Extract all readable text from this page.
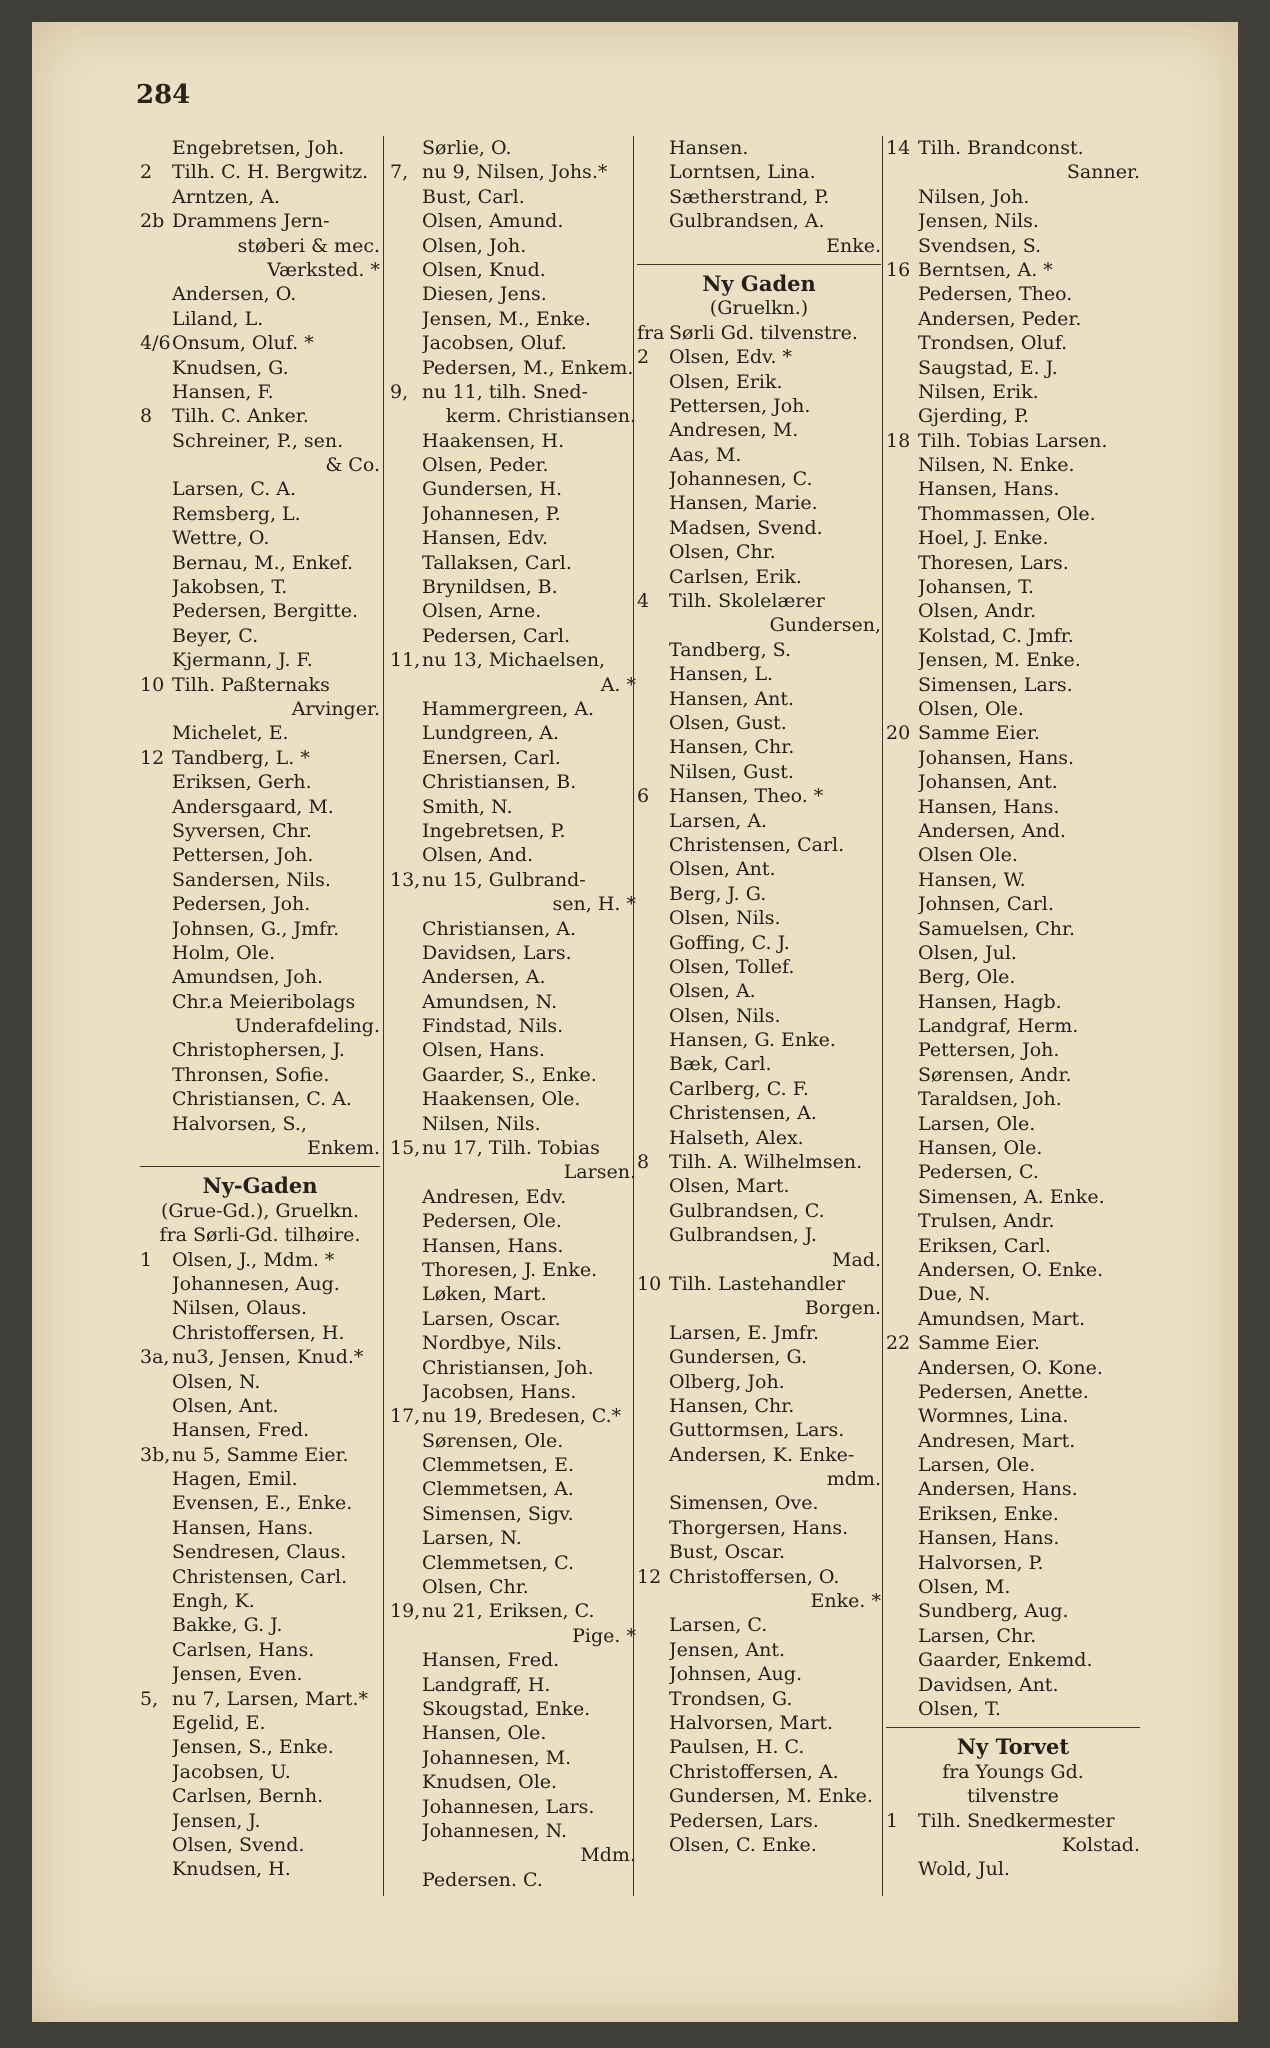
284
Engebretsen, Joh.
2	Tilh. C. H. Bergwitz.
Arntzen, A.
2b Drammens Jern-
støberi & mec.
Værksted. *
Andersen, O.
Liland, L.
4/6 Onsum, Oluf. *
Knudsen, G.
Hansen, F.
8	Tilh. C. Anker.
Schreiner, P., sen.
& Co.
Larsen, C. A.
Remsberg, L.
Wettre, O.
Bernau, M., Enkef.
Jakobsen, T.
Pedersen, Bergitte.
Beyer, C.
Kjermann, J. F.
10 Tilh. Paßternaks
Arvinger.
Michelet, E.
12 Tandberg, L. *
Eriksen, Gerh.
Andersgaard, M.
Syversen, Chr.
Pettersen, Joh.
Sandersen, Nils.
Pedersen, Joh.
Johnsen, G., Jmfr.
Holm, Ole.
Amundsen, Joh.
Chr.a Meieribolags
Underafdeling.
Christophersen, J.
Thronsen, Sofie.
Christiansen, C. A.
Halvorsen, S.,
Enkem.
Ny-Gaden
(Grue-Gd.), Gruelkn.
fra Sørli-Gd. tilhøire.
1	Olsen, J., Mdm. *
Johannesen, Aug.
Nilsen, Olaus.
Christoffersen, H.
3a, nu3, Jensen, Knud.*
Olsen, N.
Olsen, Ant.
Hansen, Fred.
3b, nu 5, Samme Eier.
Hagen, Emil.
Evensen, E., Enke.
Hansen, Hans.
Sendresen, Claus.
Christensen, Carl.
Engh, K.
Bakke, G. J.
Carlsen, Hans.
Jensen, Even.
5, nu 7, Larsen, Mart.*
Egelid, E.
Jensen, S., Enke.
Jacobsen, U.
Carlsen, Bernh.
Jensen, J.
Olsen, Svend.
Knudsen, H.
Sørlie, O.
7, nu 9, Nilsen, Johs.*
Bust, Carl.
Olsen, Amund.
Olsen, Joh.
Olsen, Knud.
Diesen, Jens.
Jensen, M., Enke.
Jacobsen, Oluf.
Pedersen, M., Enkem.
9, nu 11, tilh. Sned-
kerm. Christiansen.
Haakensen, H.
Olsen, Peder.
Gundersen, H.
Johannesen, P.
Hansen, Edv.
Tallaksen, Carl.
Brynildsen, B.
Olsen, Arne.
Pedersen, Carl.
11, nu 13, Michaelsen,
A. *
Hammergreen, A.
Lundgreen, A.
Enersen, Carl.
Christiansen, B.
Smith, N.
Ingebretsen, P.
Olsen, And.
13, nu 15, Gulbrand-
sen, H. *
Christiansen, A.
Davidsen, Lars.
Andersen, A.
Amundsen, N.
Findstad, Nils.
Olsen, Hans.
Gaarder, S., Enke.
Haakensen, Ole.
Nilsen, Nils.
15, nu 17, Tilh. Tobias
Larsen.
Andresen, Edv.
Pedersen, Ole.
Hansen, Hans.
Thoresen, J. Enke.
Løken, Mart.
Larsen, Oscar.
Nordbye, Nils.
Christiansen, Joh.
Jacobsen, Hans.
17, nu 19, Bredesen, C.*
Sørensen, Ole.
Clemmetsen, E.
Clemmetsen, A.
Simensen, Sigv.
Larsen, N.
Clemmetsen, C.
Olsen, Chr.
19, nu 21, Eriksen, C.
Pige. *
Hansen, Fred.
Landgraff, H.
Skougstad, Enke.
Hansen, Ole.
Johannesen, M.
Knudsen, Ole.
Johannesen, Lars.
Johannesen, N.
Mdm.
Pedersen. C.
Hansen.
Lorntsen, Lina.
Sætherstrand, P.
Gulbrandsen, A.
Enke.
Ny Gaden
(Gruelkn.)
fra Sørli Gd. tilvenstre.
2	Olsen, Edv. *
Olsen, Erik.
Pettersen, Joh.
Andresen, M.
Aas, M.
Johannesen, C.
Hansen, Marie.
Madsen, Svend.
Olsen, Chr.
Carlsen, Erik.
4	Tilh. Skolelærer
Gundersen,
Tandberg, S.
Hansen, L.
Hansen, Ant.
Olsen, Gust.
Hansen, Chr.
Nilsen, Gust.
6	Hansen, Theo. *
Larsen, A.
Christensen, Carl.
Olsen, Ant.
Berg, J. G.
Olsen, Nils.
Goffing, C. J.
Olsen, Tollef.
Olsen, A.
Olsen, Nils.
Hansen, G. Enke.
Bæk, Carl.
Carlberg, C. F.
Christensen, A.
Halseth, Alex.
8	Tilh. A. Wilhelmsen.
Olsen, Mart.
Gulbrandsen, C.
Gulbrandsen, J.
Mad.
10 Tilh. Lastehandler
Borgen.
Larsen, E. Jmfr.
Gundersen, G.
Olberg, Joh.
Hansen, Chr.
Guttormsen, Lars.
Andersen, K. Enke-
mdm.
Simensen, Ove.
Thorgersen, Hans.
Bust, Oscar.
12 Christoffersen, O.
Enke. *
Larsen, C.
Jensen, Ant.
Johnsen, Aug.
Trondsen, G.
Halvorsen, Mart.
Paulsen, H. C.
Christoffersen, A.
Gundersen, M. Enke.
Pedersen, Lars.
Olsen, C. Enke.
14 Tilh. Brandconst.
Sanner.
Nilsen, Joh.
Jensen, Nils.
Svendsen, S.
16 Berntsen, A. *
Pedersen, Theo.
Andersen, Peder.
Trondsen, Oluf.
Saugstad, E. J.
Nilsen, Erik.
Gjerding, P.
18 Tilh. Tobias Larsen.
Nilsen, N. Enke.
Hansen, Hans.
Thommassen, Ole.
Hoel, J. Enke.
Thoresen, Lars.
Johansen, T.
Olsen, Andr.
Kolstad, C. Jmfr.
Jensen, M. Enke.
Simensen, Lars.
Olsen, Ole.
20 Samme Eier.
Johansen, Hans.
Johansen, Ant.
Hansen, Hans.
Andersen, And.
Olsen Ole.
Hansen, W.
Johnsen, Carl.
Samuelsen, Chr.
Olsen, Jul.
Berg, Ole.
Hansen, Hagb.
Landgraf, Herm.
Pettersen, Joh.
Sørensen, Andr.
Taraldsen, Joh.
Larsen, Ole.
Hansen, Ole.
Pedersen, C.
Simensen, A. Enke.
Trulsen, Andr.
Eriksen, Carl.
Andersen, O. Enke.
Due, N.
Amundsen, Mart.
22 Samme Eier.
Andersen, O. Kone.
Pedersen, Anette.
Wormnes, Lina.
Andresen, Mart.
Larsen, Ole.
Andersen, Hans.
Eriksen, Enke.
Hansen, Hans.
Halvorsen, P.
Olsen, M.
Sundberg, Aug.
Larsen, Chr.
Gaarder, Enkemd.
Davidsen, Ant.
Olsen, T.
Ny Torvet
fra Youngs Gd.
tilvenstre
1	Tilh. Snedkermester
Kolstad.
Wold, Jul.
